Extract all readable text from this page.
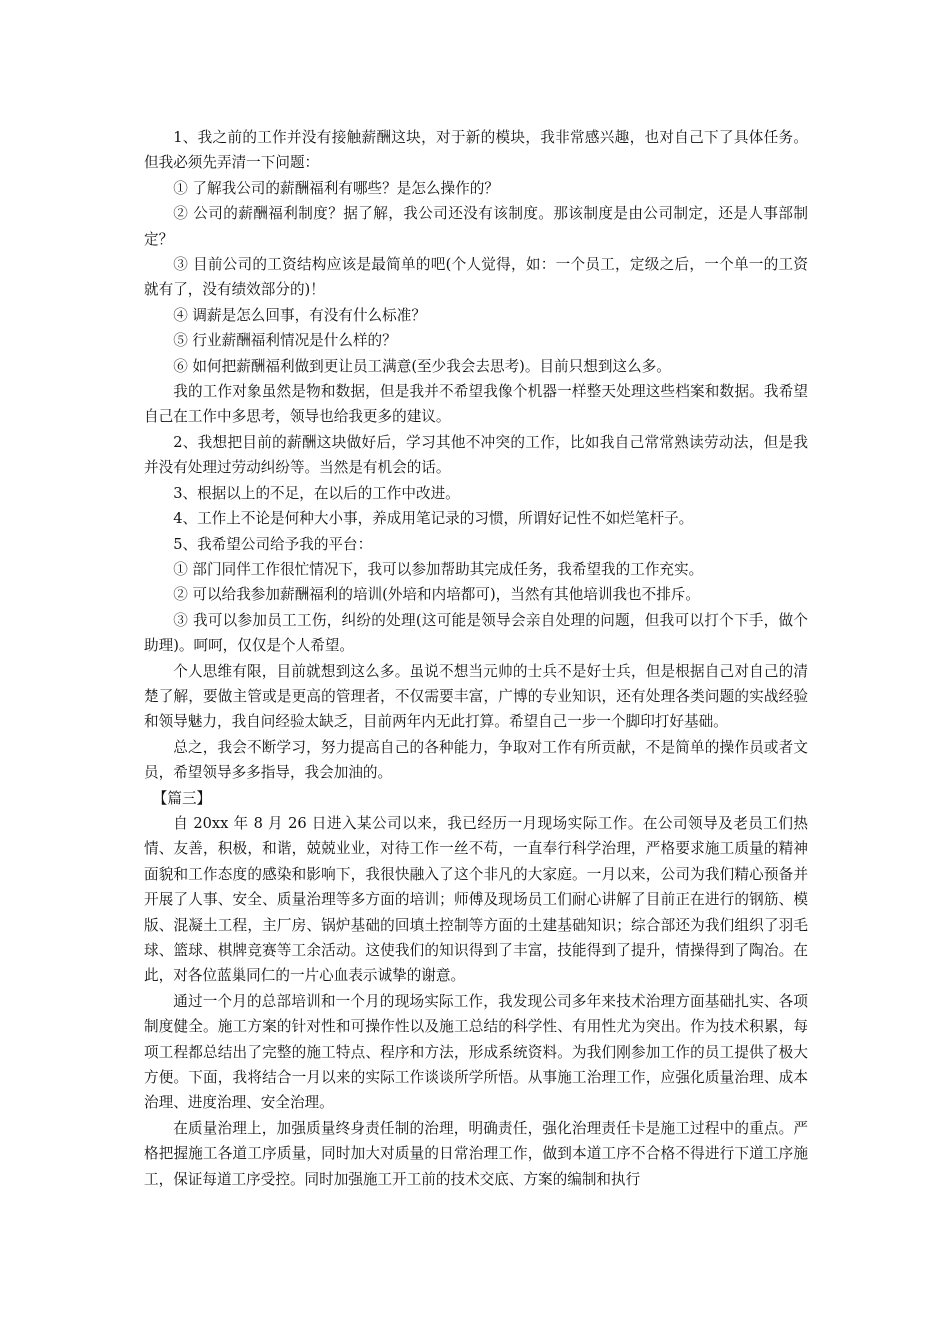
1、我之前的工作并没有接触薪酬这块，对于新的模块，我非常感兴趣，也对自己下了具体任务。但我必须先弄清一下问题：

① 了解我公司的薪酬福利有哪些？是怎么操作的？

② 公司的薪酬福利制度？据了解，我公司还没有该制度。那该制度是由公司制定，还是人事部制定？

③ 目前公司的工资结构应该是最简单的吧(个人觉得，如：一个员工，定级之后，一个单一的工资就有了，没有绩效部分的)！

④ 调薪是怎么回事，有没有什么标准？

⑤ 行业薪酬福利情况是什么样的？

⑥ 如何把薪酬福利做到更让员工满意(至少我会去思考)。目前只想到这么多。

我的工作对象虽然是物和数据，但是我并不希望我像个机器一样整天处理这些档案和数据。我希望自己在工作中多思考，领导也给我更多的建议。

2、我想把目前的薪酬这块做好后，学习其他不冲突的工作，比如我自己常常熟读劳动法，但是我并没有处理过劳动纠纷等。当然是有机会的话。

3、根据以上的不足，在以后的工作中改进。

4、工作上不论是何种大小事，养成用笔记录的习惯，所谓好记性不如烂笔杆子。

5、我希望公司给予我的平台：

① 部门同伴工作很忙情况下，我可以参加帮助其完成任务，我希望我的工作充实。

② 可以给我参加薪酬福利的培训(外培和内培都可)，当然有其他培训我也不排斥。

③ 我可以参加员工工伤，纠纷的处理(这可能是领导会亲自处理的问题，但我可以打个下手，做个助理)。呵呵，仅仅是个人希望。

个人思维有限，目前就想到这么多。虽说不想当元帅的士兵不是好士兵，但是根据自己对自己的清楚了解，要做主管或是更高的管理者，不仅需要丰富，广博的专业知识，还有处理各类问题的实战经验和领导魅力，我自问经验太缺乏，目前两年内无此打算。希望自己一步一个脚印打好基础。

总之，我会不断学习，努力提高自己的各种能力，争取对工作有所贡献，不是简单的操作员或者文员，希望领导多多指导，我会加油的。

【篇三】

自 20xx 年 8 月 26 日进入某公司以来，我已经历一月现场实际工作。在公司领导及老员工们热情、友善，积极，和谐，兢兢业业，对待工作一丝不苟，一直奉行科学治理，严格要求施工质量的精神面貌和工作态度的感染和影响下，我很快融入了这个非凡的大家庭。一月以来，公司为我们精心预备并开展了人事、安全、质量治理等多方面的培训；师傅及现场员工们耐心讲解了目前正在进行的钢筋、模版、混凝土工程，主厂房、锅炉基础的回填土控制等方面的土建基础知识；综合部还为我们组织了羽毛球、篮球、棋牌竞赛等工余活动。这使我们的知识得到了丰富，技能得到了提升，情操得到了陶冶。在此，对各位蓝巢同仁的一片心血表示诚挚的谢意。

通过一个月的总部培训和一个月的现场实际工作，我发现公司多年来技术治理方面基础扎实、各项制度健全。施工方案的针对性和可操作性以及施工总结的科学性、有用性尤为突出。作为技术积累，每项工程都总结出了完整的施工特点、程序和方法，形成系统资料。为我们刚参加工作的员工提供了极大方便。下面，我将结合一月以来的实际工作谈谈所学所悟。从事施工治理工作，应强化质量治理、成本治理、进度治理、安全治理。

在质量治理上，加强质量终身责任制的治理，明确责任，强化治理责任卡是施工过程中的重点。严格把握施工各道工序质量，同时加大对质量的日常治理工作，做到本道工序不合格不得进行下道工序施工，保证每道工序受控。同时加强施工开工前的技术交底、方案的编制和执行
